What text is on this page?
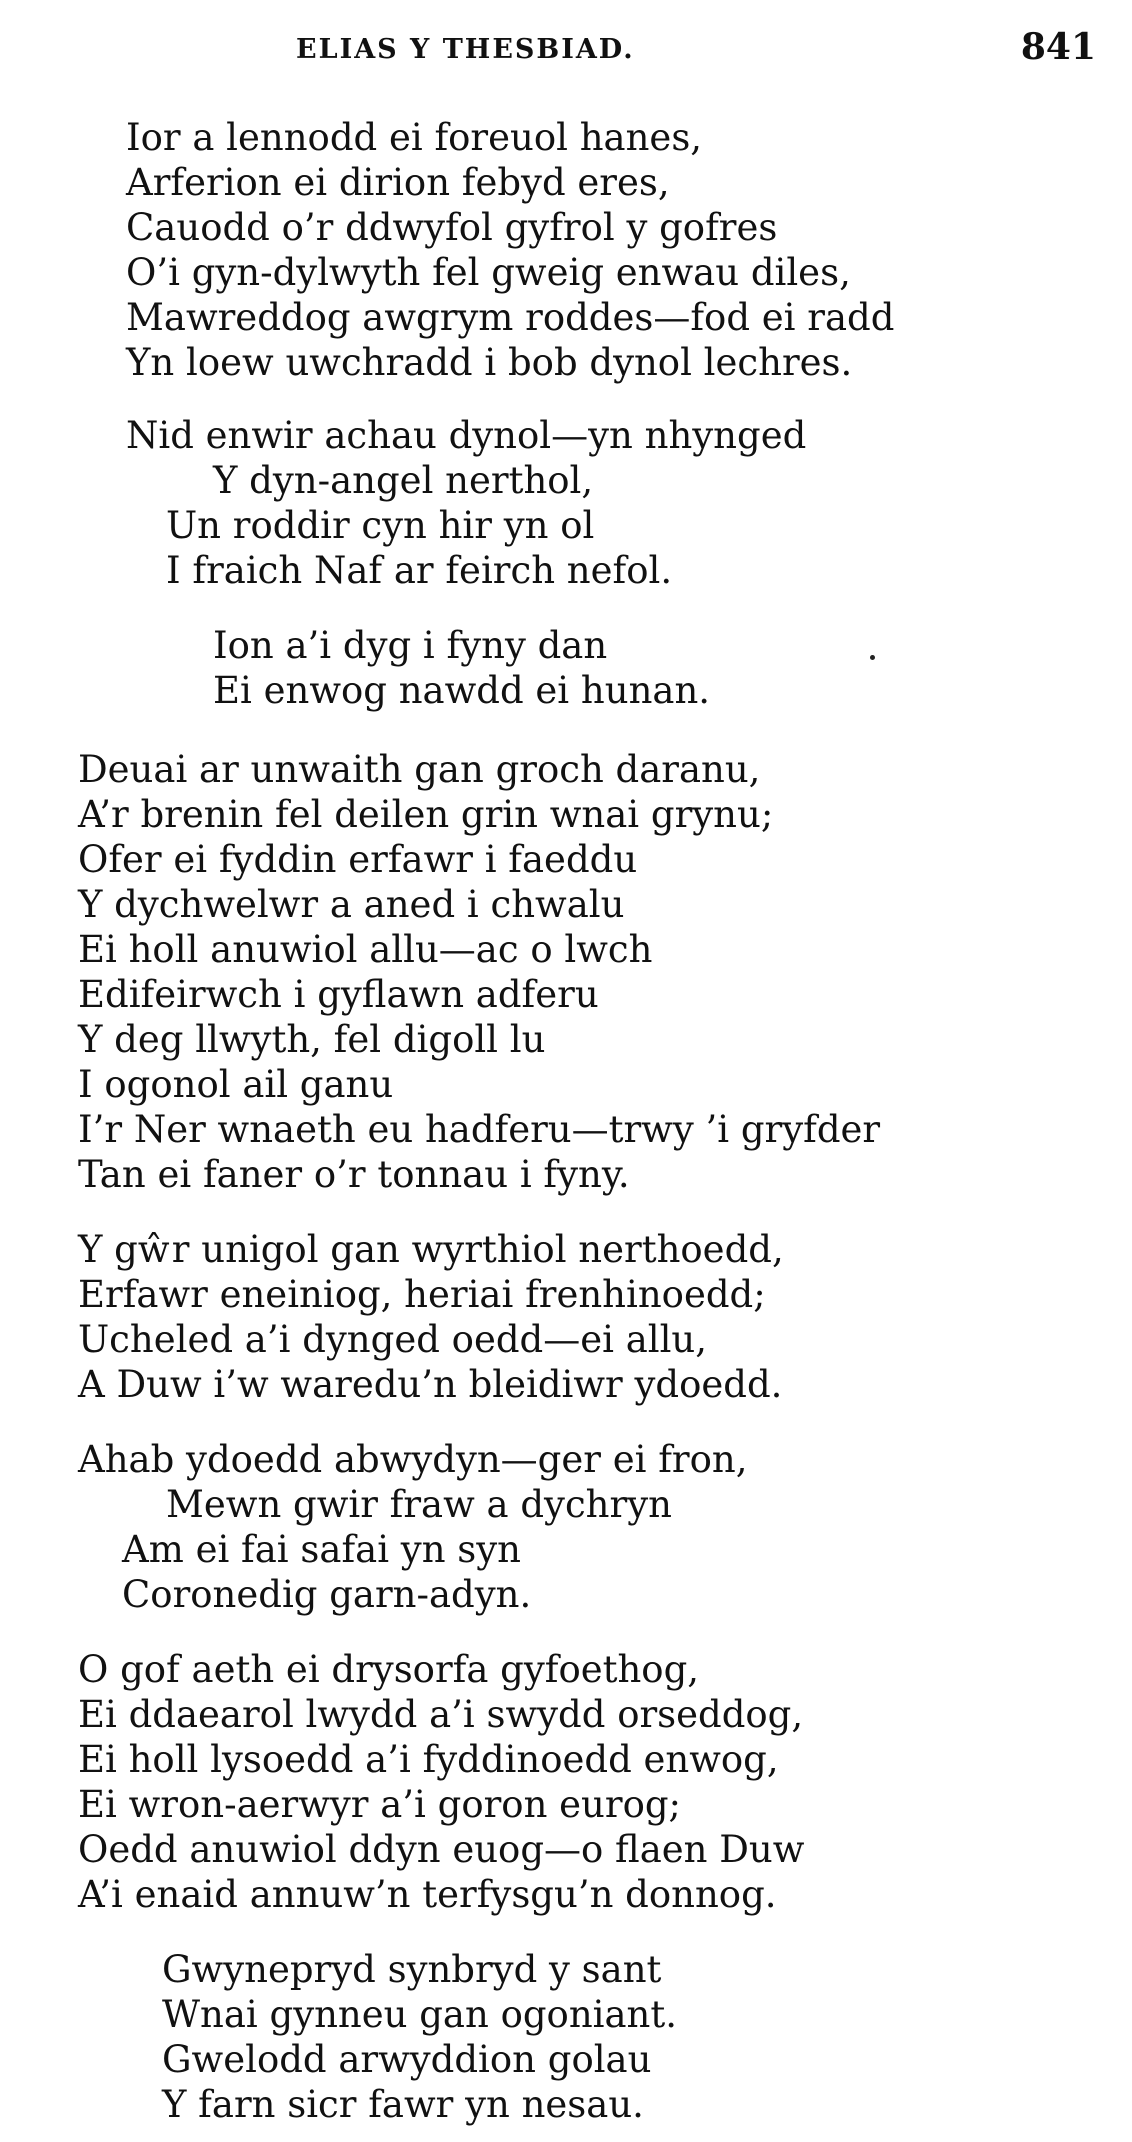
ELIAS Y THESBIAD.	841
Ior a lennodd ei foreuol hanes,
Arferion ei dirion febyd eres,
Cauodd o’r ddwyfol gyfrol y gofres
O’i gyn-dylwyth fel gweig enwau diles,
Mawreddog awgrym roddes—fod ei radd
Yn loew uwchradd i bob dynol lechres.
Nid enwir achau dynol—yn nhynged
Y dyn-angel nerthol,
Un roddir cyn hir yn ol
I fraich Naf ar feirch nefol.
Ion a’i dyg i fyny dan
Ei enwog nawdd ei hunan.
Deuai ar unwaith gan groch daranu,
A’r brenin fel deilen grin wnai grynu;
Ofer ei fyddin erfawr i faeddu
Y dychwelwr a aned i chwalu
Ei holl anuwiol allu—ac o lwch
Edifeirwch i gyflawn adferu
Y deg llwyth, fel digoll lu
I ogonol ail ganu
I’r Ner wnaeth eu hadferu—trwy ’i gryfder
Tan ei faner o’r tonnau i fyny.
Y gŵr unigol gan wyrthiol nerthoedd,
Erfawr eneiniog, heriai frenhinoedd;
Ucheled a’i dynged oedd—ei allu,
A Duw i’w waredu’n bleidiwr ydoedd.
Ahab ydoedd abwydyn—ger ei fron,
Mewn gwir fraw a dychryn
Am ei fai safai yn syn
Coronedig garn-adyn.
O gof aeth ei drysorfa gyfoethog,
Ei ddaearol lwydd a’i swydd orseddog,
Ei holl lysoedd a’i fyddinoedd enwog,
Ei wron-aerwyr a’i goron eurog;
Oedd anuwiol ddyn euog—o flaen Duw
A’i enaid annuw’n terfysgu’n donnog.
Gwynepryd synbryd y sant
Wnai gynneu gan ogoniant.
Gwelodd arwyddion golau
Y farn sicr fawr yn nesau.
